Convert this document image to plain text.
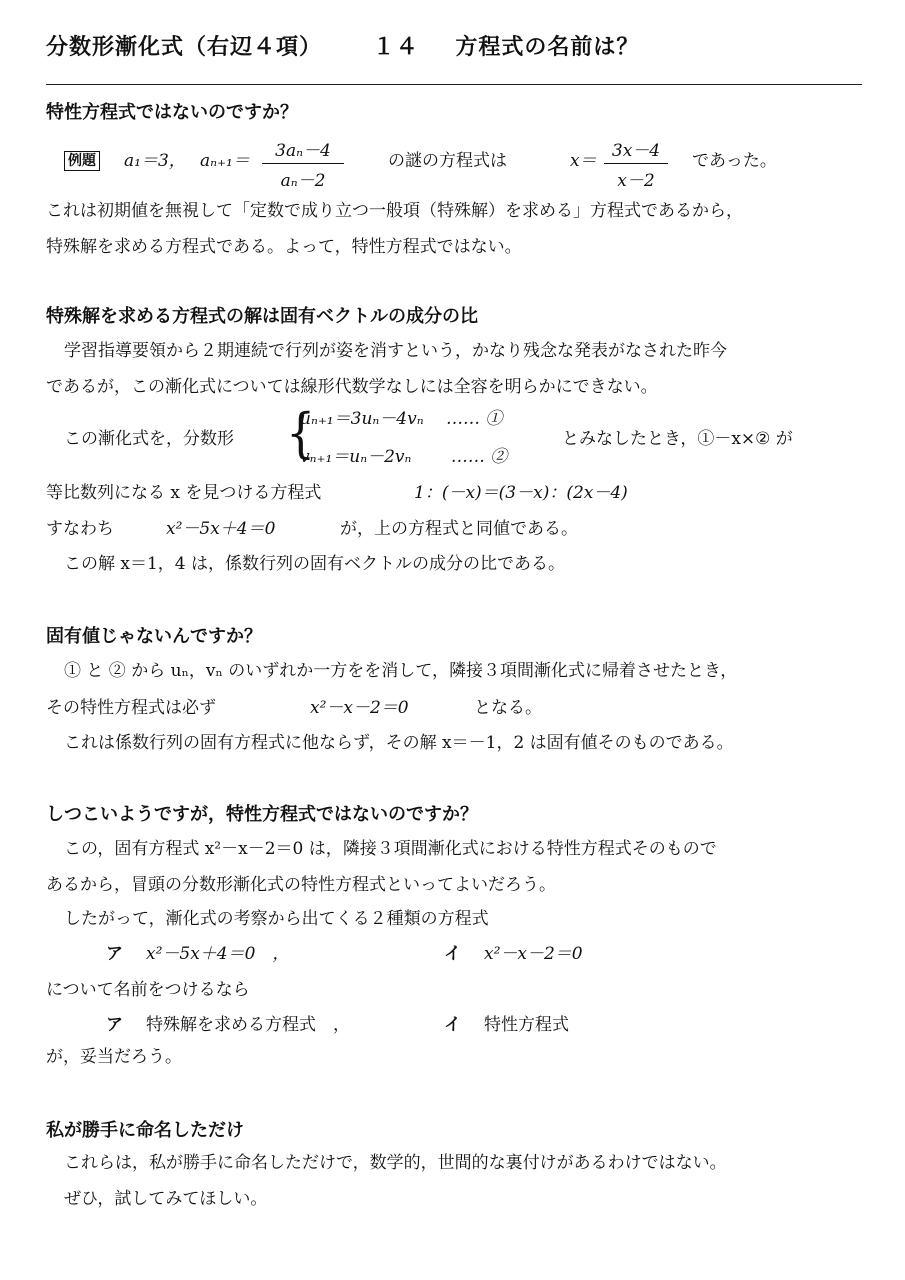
分数形漸化式（右辺４項） １４ 方程式の名前は？
特性方程式ではないのですか？
例題 a₁＝3， aₙ₊₁＝	3aₙ－4
aₙ－2
の謎の方程式は	x＝ 3x－4
x－2
であった。
これは初期値を無視して「定数で成り立つ一般項（特殊解）を求める」方程式であるから，
特殊解を求める方程式である。よって，特性方程式ではない。
特殊解を求める方程式の解は固有ベクトルの成分の比
学習指導要領から２期連続で行列が姿を消すという，かなり残念な発表がなされた昨今
であるが，この漸化式については線形代数学なしには全容を明らかにできない。
この漸化式を，分数形 {
uₙ₊₁＝3uₙ－4vₙ　 …… ①
vₙ₊₁＝uₙ－2vₙ　　 …… ②
とみなしたとき，①－x×② が
等比数列になる x を見つける方程式	1：(－x)＝(3－x)：(2x－4)
すなわち	x²－5x＋4＝0	が，上の方程式と同値である。
この解 x＝1，4 は，係数行列の固有ベクトルの成分の比である。
固有値じゃないんですか？
① と ② から uₙ，vₙ のいずれか一方をを消して，隣接３項間漸化式に帰着させたとき，
その特性方程式は必ず	x²－x－2＝0	となる。
これは係数行列の固有方程式に他ならず，その解 x＝－1，2 は固有値そのものである。
しつこいようですが，特性方程式ではないのですか？
この，固有方程式 x²－x－2＝0 は，隣接３項間漸化式における特性方程式そのもので
あるから，冒頭の分数形漸化式の特性方程式といってよいだろう。
したがって，漸化式の考察から出てくる２種類の方程式
ア x²－5x＋4＝0　，	イ x²－x－2＝0
について名前をつけるなら
ア 特殊解を求める方程式　，	イ 特性方程式
が，妥当だろう。
私が勝手に命名しただけ
これらは，私が勝手に命名しただけで，数学的，世間的な裏付けがあるわけではない。
ぜひ，試してみてほしい。
